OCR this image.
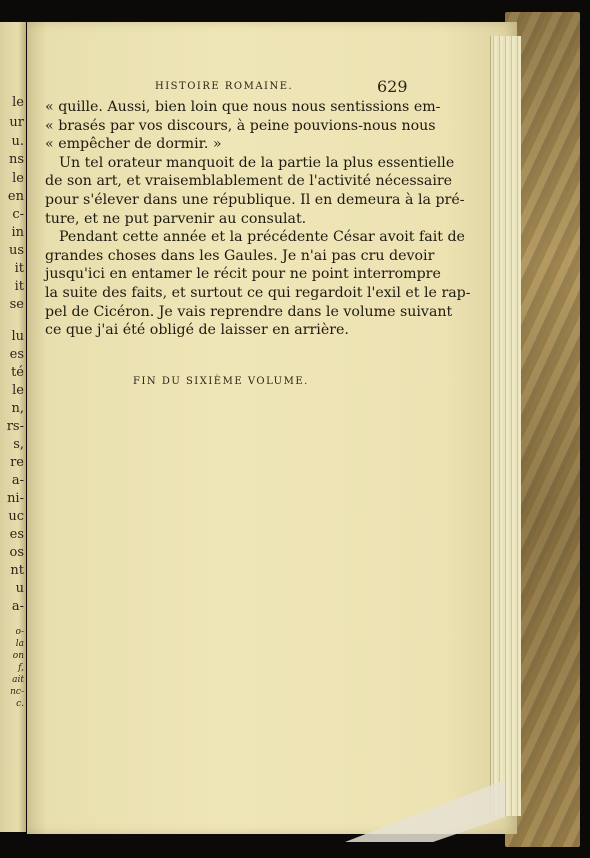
le
ur
u.
ns
le
en
c-
in
us
it
it
se
lu
es
té
le
n,
rs-
s,
re
a-
ni-
uc
es
os
nt
u
a-
o-
la
on
f,
ait
nc-
c.
HISTOIRE ROMAINE.	629
« quille. Aussi, bien loin que nous nous sentissions em-
« brasés par vos discours, à peine pouvions-nous nous
« empêcher de dormir. »
Un tel orateur manquoit de la partie la plus essentielle
de son art, et vraisemblablement de l'activité nécessaire
pour s'élever dans une république. Il en demeura à la pré-
ture, et ne put parvenir au consulat.
Pendant cette année et la précédente César avoit fait de
grandes choses dans les Gaules. Je n'ai pas cru devoir
jusqu'ici en entamer le récit pour ne point interrompre
la suite des faits, et surtout ce qui regardoit l'exil et le rap-
pel de Cicéron. Je vais reprendre dans le volume suivant
ce que j'ai été obligé de laisser en arrière.
FIN DU SIXIÈME VOLUME.
